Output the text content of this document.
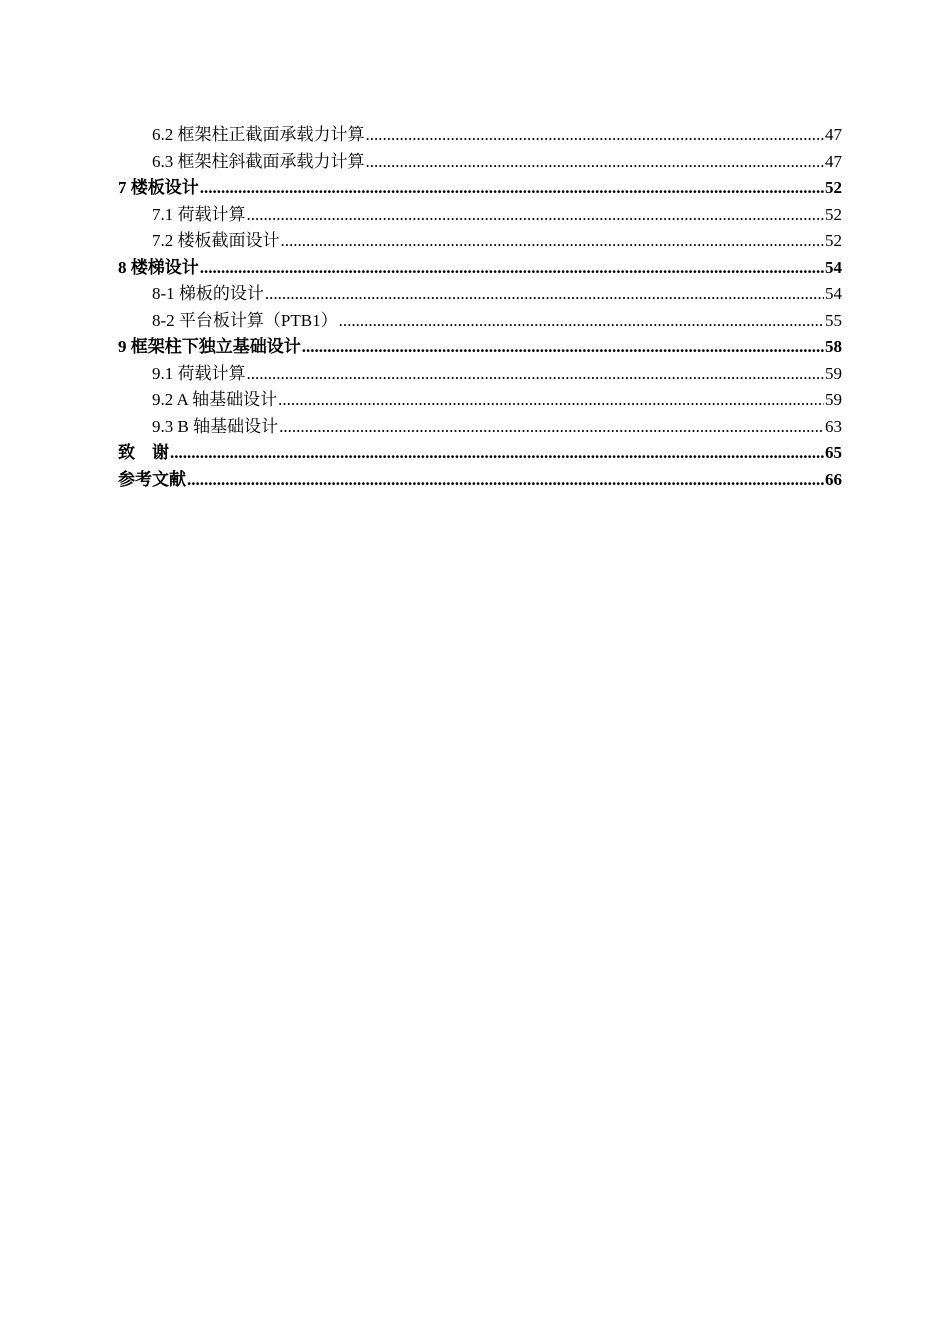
6.2 框架柱正截面承载力计算 .....	47
6.3 框架柱斜截面承载力计算 .....	47
7 楼板设计 .....	52
7.1 荷载计算 .....	52
7.2 楼板截面设计 .....	52
8 楼梯设计 .....	54
8-1 梯板的设计 .....	54
8-2 平台板计算（PTB1） .....	55
9 框架柱下独立基础设计 .....	58
9.1 荷载计算 .....	59
9.2 A 轴基础设计 .....	59
9.3 B 轴基础设计 .....	63
致　谢 .....	65
参考文献 .....	66
